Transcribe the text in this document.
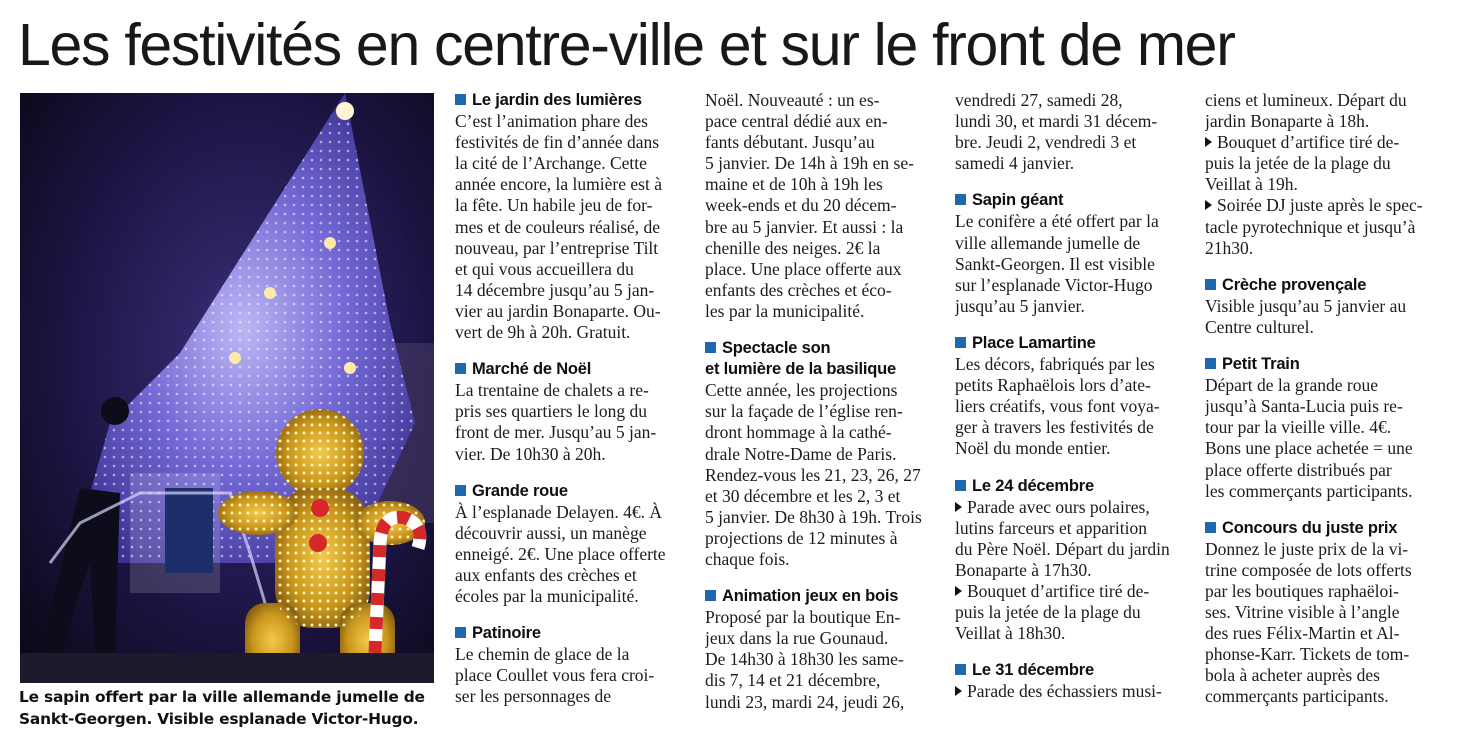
Les festivités en centre-ville et sur le front de mer
Le sapin offert par la ville allemande jumelle de
Sankt-Georgen. Visible esplanade Victor-Hugo.
Le jardin des lumières
C’est l’animation phare des
festivités de fin d’année dans
la cité de l’Archange. Cette
année encore, la lumière est à
la fête. Un habile jeu de for-
mes et de couleurs réalisé, de
nouveau, par l’entreprise Tilt
et qui vous accueillera du
14 décembre jusqu’au 5 jan-
vier au jardin Bonaparte. Ou-
vert de 9h à 20h. Gratuit.
Marché de Noël
La trentaine de chalets a re-
pris ses quartiers le long du
front de mer. Jusqu’au 5 jan-
vier. De 10h30 à 20h.
Grande roue
À l’esplanade Delayen. 4€. À
découvrir aussi, un manège
enneigé. 2€. Une place offerte
aux enfants des crèches et
écoles par la municipalité.
Patinoire
Le chemin de glace de la
place Coullet vous fera croi-
ser les personnages de
Noël. Nouveauté : un es-
pace central dédié aux en-
fants débutant. Jusqu’au
5 janvier. De 14h à 19h en se-
maine et de 10h à 19h les
week-ends et du 20 décem-
bre au 5 janvier. Et aussi : la
chenille des neiges. 2€ la
place. Une place offerte aux
enfants des crèches et éco-
les par la municipalité.
Spectacle son
et lumière de la basilique
Cette année, les projections
sur la façade de l’église ren-
dront hommage à la cathé-
drale Notre-Dame de Paris.
Rendez-vous les 21, 23, 26, 27
et 30 décembre et les 2, 3 et
5 janvier. De 8h30 à 19h. Trois
projections de 12 minutes à
chaque fois.
Animation jeux en bois
Proposé par la boutique En-
jeux dans la rue Gounaud.
De 14h30 à 18h30 les same-
dis 7, 14 et 21 décembre,
lundi 23, mardi 24, jeudi 26,
vendredi 27, samedi 28,
lundi 30, et mardi 31 décem-
bre. Jeudi 2, vendredi 3 et
samedi 4 janvier.
Sapin géant
Le conifère a été offert par la
ville allemande jumelle de
Sankt-Georgen. Il est visible
sur l’esplanade Victor-Hugo
jusqu’au 5 janvier.
Place Lamartine
Les décors, fabriqués par les
petits Raphaëlois lors d’ate-
liers créatifs, vous font voya-
ger à travers les festivités de
Noël du monde entier.
Le 24 décembre
Parade avec ours polaires,
lutins farceurs et apparition
du Père Noël. Départ du jardin
Bonaparte à 17h30.
Bouquet d’artifice tiré de-
puis la jetée de la plage du
Veillat à 18h30.
Le 31 décembre
Parade des échassiers musi-
ciens et lumineux. Départ du
jardin Bonaparte à 18h.
Bouquet d’artifice tiré de-
puis la jetée de la plage du
Veillat à 19h.
Soirée DJ juste après le spec-
tacle pyrotechnique et jusqu’à
21h30.
Crèche provençale
Visible jusqu’au 5 janvier au
Centre culturel.
Petit Train
Départ de la grande roue
jusqu’à Santa-Lucia puis re-
tour par la vieille ville. 4€.
Bons une place achetée = une
place offerte distribués par
les commerçants participants.
Concours du juste prix
Donnez le juste prix de la vi-
trine composée de lots offerts
par les boutiques raphaëloi-
ses. Vitrine visible à l’angle
des rues Félix-Martin et Al-
phonse-Karr. Tickets de tom-
bola à acheter auprès des
commerçants participants.
